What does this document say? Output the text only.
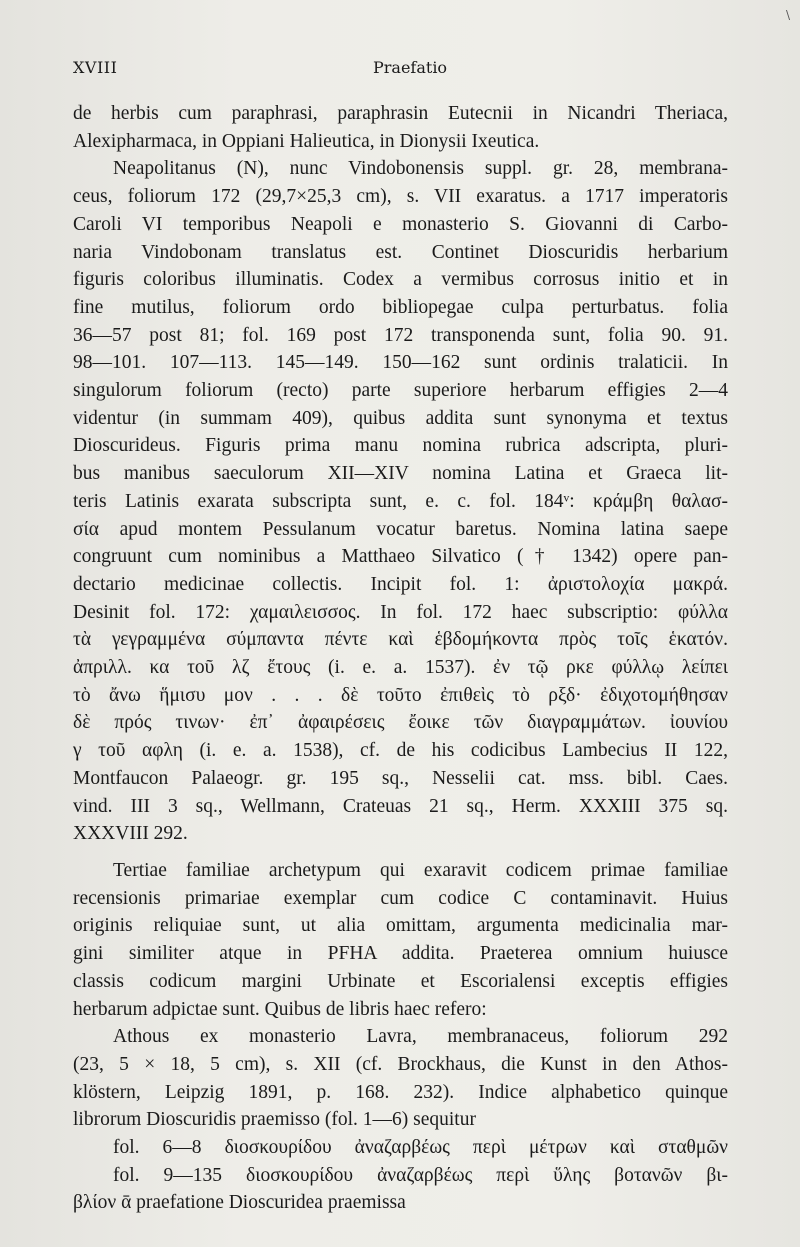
\
XVIII	Praefatio
de herbis cum paraphrasi, paraphrasin Eutecnii in Nicandri Theriaca,
Alexipharmaca, in Oppiani Halieutica, in Dionysii Ixeutica.
Neapolitanus (N), nunc Vindobonensis suppl. gr. 28, membrana-
ceus, foliorum 172 (29,7×25,3 cm), s. VII exaratus. a 1717 imperatoris
Caroli VI temporibus Neapoli e monasterio S. Giovanni di Carbo-
naria Vindobonam translatus est. Continet Dioscuridis herbarium
figuris coloribus illuminatis. Codex a vermibus corrosus initio et in
fine mutilus, foliorum ordo bibliopegae culpa perturbatus. folia
36—57 post 81; fol. 169 post 172 transponenda sunt, folia 90. 91.
98—101. 107—113. 145—149. 150—162 sunt ordinis tralaticii. In
singulorum foliorum (recto) parte superiore herbarum effigies 2—4
videntur (in summam 409), quibus addita sunt synonyma et textus
Dioscurideus. Figuris prima manu nomina rubrica adscripta, pluri-
bus manibus saeculorum XII—XIV nomina Latina et Graeca lit-
teris Latinis exarata subscripta sunt, e. c. fol. 184ᵛ: κράμβη θαλασ-
σία apud montem Pessulanum vocatur baretus. Nomina latina saepe
congruunt cum nominibus a Matthaeo Silvatico († 1342) opere pan-
dectario medicinae collectis. Incipit fol. 1: ἀριστολοχία μακρά.
Desinit fol. 172: χαμαιλεισσος. In fol. 172 haec subscriptio: φύλλα
τὰ γεγραμμένα σύμπαντα πέντε καὶ ἑβδομήκοντα πρὸς τοῖς ἑκατόν.
ἀπριλλ. κα τοῦ λζ ἔτους (i. e. a. 1537). ἐν τῷ ρκε φύλλῳ λείπει
τὸ ἄνω ἥμισυ μον . . . δὲ τοῦτο ἐπιθεὶς τὸ ρξδ· ἐδιχοτομήθησαν
δὲ πρός τινων· ἐπ᾽ ἀφαιρέσεις ἔοικε τῶν διαγραμμάτων. ἰουνίου
γ τοῦ αφλη (i. e. a. 1538), cf. de his codicibus Lambecius II 122,
Montfaucon Palaeogr. gr. 195 sq., Nesselii cat. mss. bibl. Caes.
vind. III 3 sq., Wellmann, Crateuas 21 sq., Herm. XXXIII 375 sq.
XXXVIII 292.
Tertiae familiae archetypum qui exaravit codicem primae familiae
recensionis primariae exemplar cum codice C contaminavit. Huius
originis reliquiae sunt, ut alia omittam, argumenta medicinalia mar-
gini similiter atque in PFHA addita. Praeterea omnium huiusce
classis codicum margini Urbinate et Escorialensi exceptis effigies
herbarum adpictae sunt. Quibus de libris haec refero:
Athous ex monasterio Lavra, membranaceus, foliorum 292
(23, 5 × 18, 5 cm), s. XII (cf. Brockhaus, die Kunst in den Athos-
klöstern, Leipzig 1891, p. 168. 232). Indice alphabetico quinque
librorum Dioscuridis praemisso (fol. 1—6) sequitur
fol. 6—8 διοσκουρίδου ἀναζαρβέως περὶ μέτρων καὶ σταθμῶν
fol. 9—135 διοσκουρίδου ἀναζαρβέως περὶ ὕλης βοτανῶν βι-
βλίον ᾱ praefatione Dioscuridea praemissa
